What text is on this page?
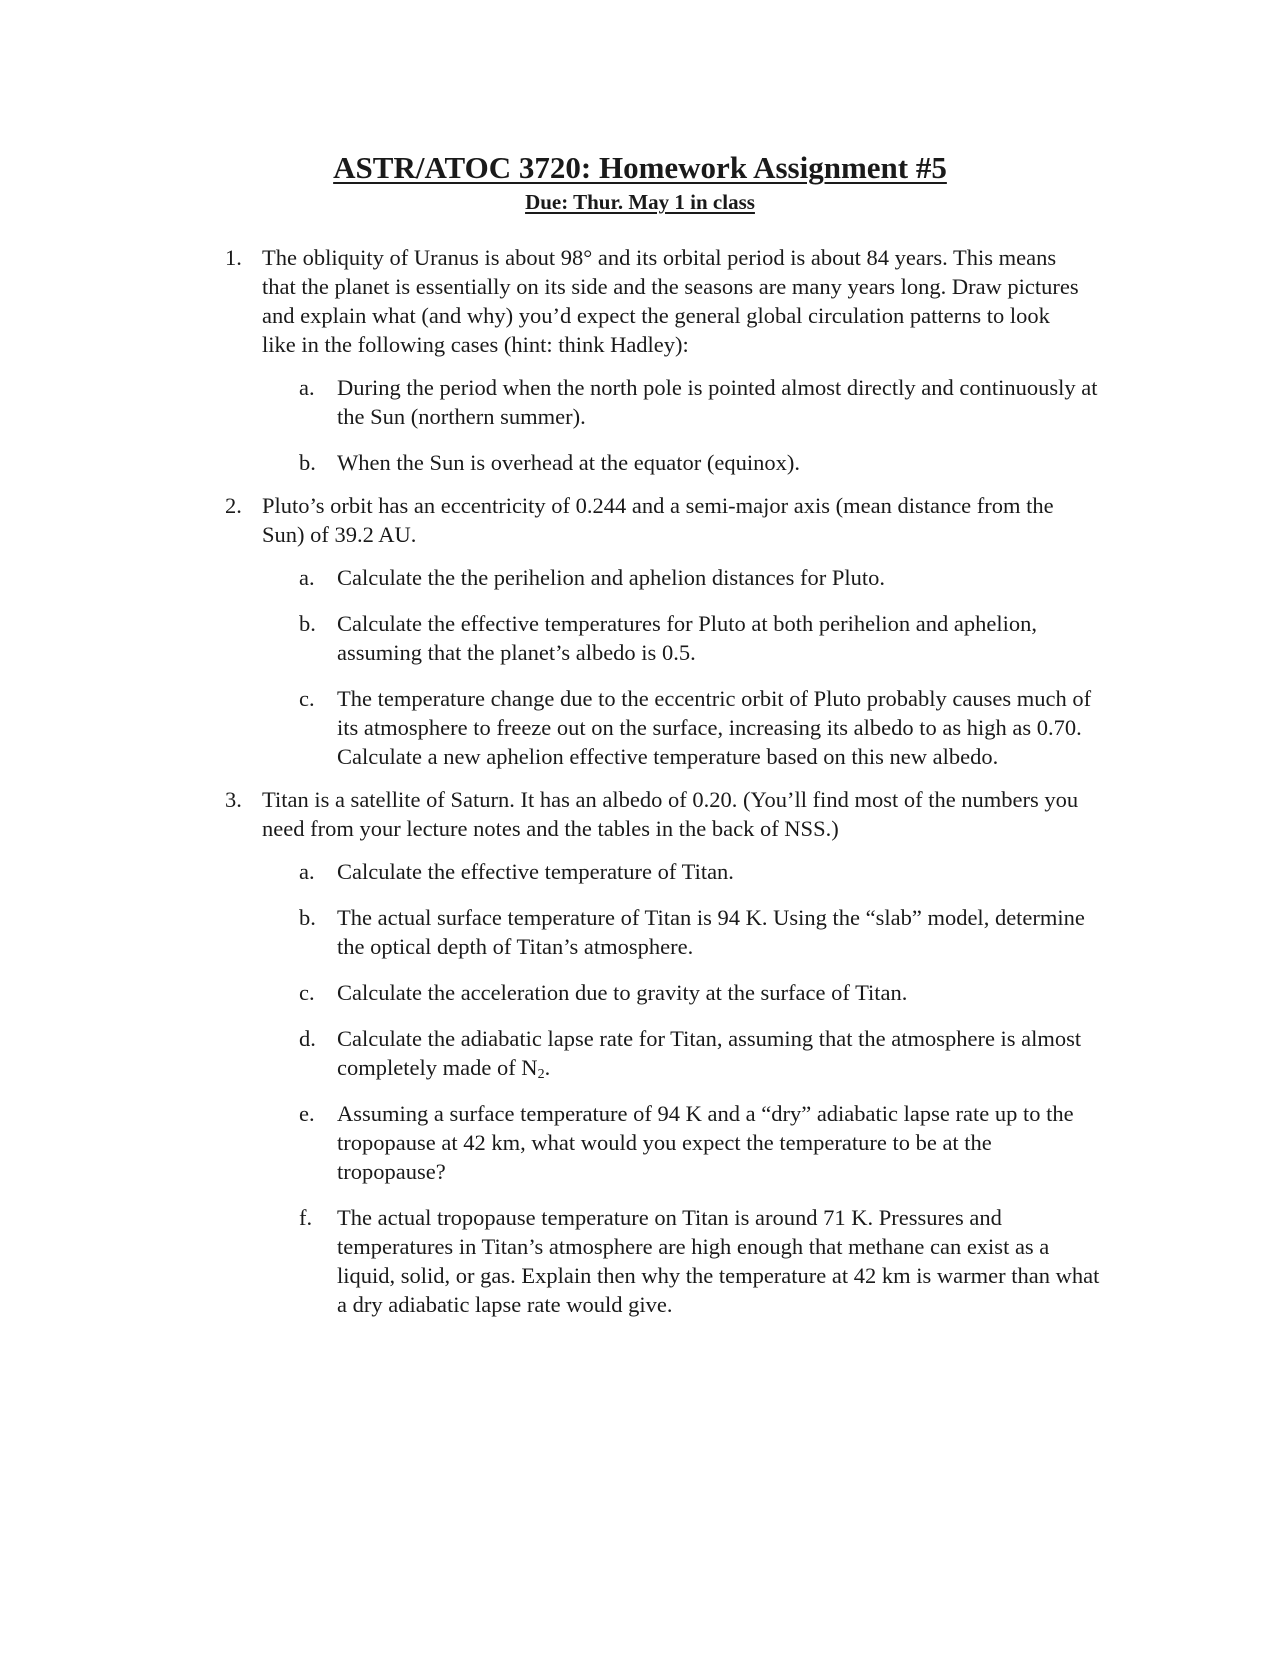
ASTR/ATOC 3720: Homework Assignment #5
Due: Thur. May 1 in class
1. The obliquity of Uranus is about 98° and its orbital period is about 84 years. This means that the planet is essentially on its side and the seasons are many years long. Draw pictures and explain what (and why) you’d expect the general global circulation patterns to look like in the following cases (hint: think Hadley):
a. During the period when the north pole is pointed almost directly and continuously at the Sun (northern summer).
b. When the Sun is overhead at the equator (equinox).
2. Pluto’s orbit has an eccentricity of 0.244 and a semi-major axis (mean distance from the Sun) of 39.2 AU.
a. Calculate the the perihelion and aphelion distances for Pluto.
b. Calculate the effective temperatures for Pluto at both perihelion and aphelion, assuming that the planet’s albedo is 0.5.
c. The temperature change due to the eccentric orbit of Pluto probably causes much of its atmosphere to freeze out on the surface, increasing its albedo to as high as 0.70. Calculate a new aphelion effective temperature based on this new albedo.
3. Titan is a satellite of Saturn. It has an albedo of 0.20. (You’ll find most of the numbers you need from your lecture notes and the tables in the back of NSS.)
a. Calculate the effective temperature of Titan.
b. The actual surface temperature of Titan is 94 K. Using the “slab” model, determine the optical depth of Titan’s atmosphere.
c. Calculate the acceleration due to gravity at the surface of Titan.
d. Calculate the adiabatic lapse rate for Titan, assuming that the atmosphere is almost completely made of $N_2$.
e. Assuming a surface temperature of 94 K and a “dry” adiabatic lapse rate up to the tropopause at 42 km, what would you expect the temperature to be at the tropopause?
f. The actual tropopause temperature on Titan is around 71 K. Pressures and temperatures in Titan’s atmosphere are high enough that methane can exist as a liquid, solid, or gas. Explain then why the temperature at 42 km is warmer than what a dry adiabatic lapse rate would give.
